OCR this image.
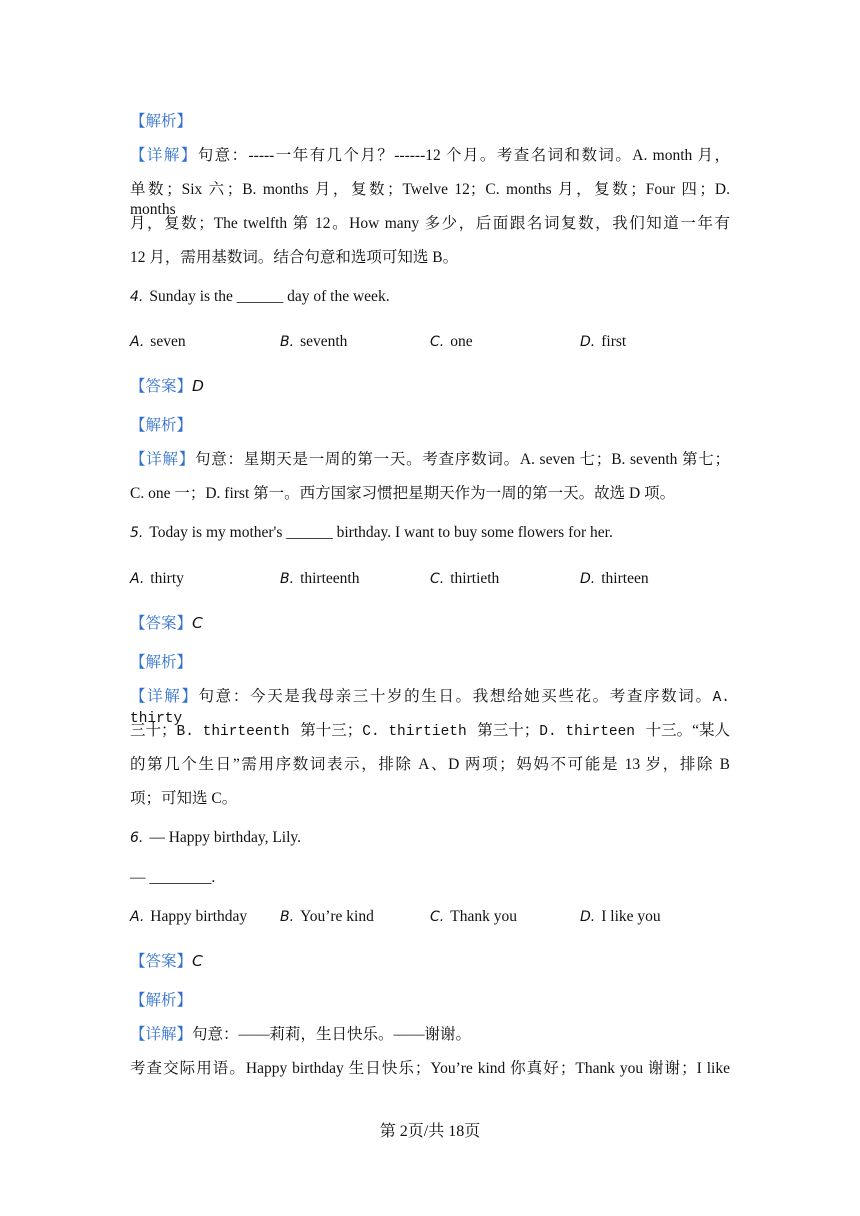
【解析】
【详解】句意：-----一年有几个月？------12 个月。考查名词和数词。A. month 月，
单数；Six 六；B. months 月，复数；Twelve 12；C. months 月，复数；Four 四；D. months
月，复数；The twelfth 第 12。How many 多少，后面跟名词复数，我们知道一年有
12 月，需用基数词。结合句意和选项可知选 B。
4. Sunday is the ______ day of the week.
A. seven	B. seventh	C. one	D. first
【答案】D
【解析】
【详解】句意：星期天是一周的第一天。考查序数词。A. seven 七；B. seventh 第七；
C. one 一；D. first 第一。西方国家习惯把星期天作为一周的第一天。故选 D 项。
5. Today is my mother's ______ birthday. I want to buy some flowers for her.
A. thirty	B. thirteenth	C. thirtieth	D. thirteen
【答案】C
【解析】
【详解】句意：今天是我母亲三十岁的生日。我想给她买些花。考查序数词。A. thirty
三十；B. thirteenth 第十三；C. thirtieth 第三十；D. thirteen 十三。“某人
的第几个生日”需用序数词表示，排除 A、D 两项；妈妈不可能是 13 岁，排除 B
项；可知选 C。
6. — Happy birthday, Lily.
— ________.
A. Happy birthday B. You’re kind	C. Thank you	D. I like you
【答案】C
【解析】
【详解】句意：——莉莉，生日快乐。——谢谢。
考查交际用语。Happy birthday 生日快乐；You’re kind 你真好；Thank you 谢谢；I like
第 2页/共 18页
